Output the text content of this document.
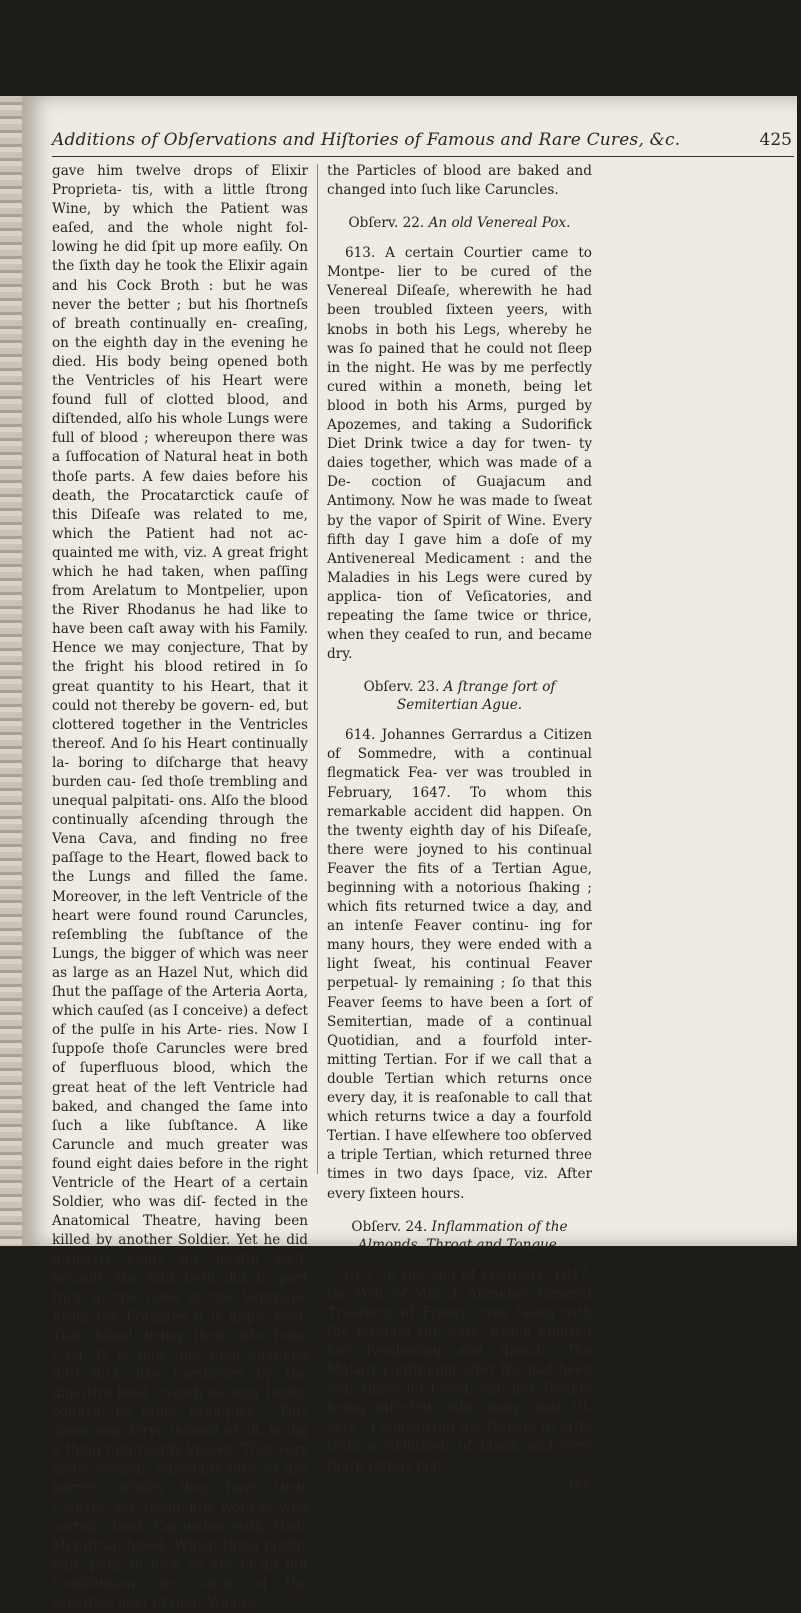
Additions of Obſervations and Hiſtories of Famous and Rare Cures, &c.	425

gave him twelve drops of Elixir Proprieta- tis, with a little ſtrong Wine, by which the Patient was eaſed, and the whole night fol- lowing he did ſpit up more eaſily. On the ſixth day he took the Elixir again and his Cock Broth : but he was never the better ; but his ſhortneſs of breath continually en- creaſing, on the eighth day in the evening he died. His body being opened both the Ventricles of his Heart were found full of clotted blood, and diſtended, alſo his whole Lungs were full of blood ; whereupon there was a ſuffocation of Natural heat in both thoſe parts. A few daies before his death, the Procatarctick cauſe of this Diſeaſe was related to me, which the Patient had not ac- quainted me with, viz. A great fright which he had taken, when paſſing from Arelatum to Montpelier, upon the River Rhodanus he had like to have been caſt away with his Family. Hence we may conjecture, That by the fright his blood retired in ſo great quantity to his Heart, that it could not thereby be govern- ed, but clottered together in the Ventricles thereof. And ſo his Heart continually la- boring to diſcharge that heavy burden cau- ſed thoſe trembling and unequal palpitati- ons. Alſo the blood continually aſcending through the Vena Cava, and finding no free paſſage to the Heart, flowed back to the Lungs and filled the ſame. Moreover, in the left Ventricle of the heart were found round Caruncles, reſembling the ſubſtance of the Lungs, the bigger of which was neer as large as an Hazel Nut, which did ſhut the paſſage of the Arteria Aorta, which cauſed (as I conceive) a defect of the pulſe in his Arte- ries. Now I ſuppoſe thoſe Caruncles were bred of ſuperfluous blood, which the great heat of the left Ventricle had baked, and changed the ſame into ſuch a like ſubſtance. A like Caruncle and much greater was found eight daies before in the right Ventricle of the Heart of a certain Soldier, who was diſ- fected in the Anatomical Theatre, having been killed by another Soldier. Yet he did formerly enjoy his health well, becauſe the ſaid fleſh did in part ſtick to the ſides of the Ventricle. From the Premiſes it is appa- rent, That blood being ſhed into ſome Cavi- ty is now and then changed into ſuch like Caruncles by the digeſtive heat : which we may better confirm by other examples : This alone may ſerve inſtead of all, being a thing notoriouſly known, That very many women, eſpecially ſuch as are barren, whiles they have their Courſes, are frequently wont to void certain ſmal Caruncles with their Menſtrual blood. Which thing moſtly hap- pens in ſuch as are of an hot Conſtitution, be- cauſe of the exceſſive heat of their Wombs,

the Particles of blood are baked and changed into ſuch like Caruncles.

Obſerv. 22. An old Venereal Pox.

613. A certain Courtier came to Montpe- lier to be cured of the Venereal Diſeaſe, wherewith he had been troubled ſixteen yeers, with knobs in both his Legs, whereby he was ſo pained that he could not ſleep in the night. He was by me perfectly cured within a moneth, being let blood in both his Arms, purged by Apozemes, and taking a Sudorifick Diet Drink twice a day for twen- ty daies together, which was made of a De- coction of Guajacum and Antimony. Now he was made to ſweat by the vapor of Spirit of Wine. Every fifth day I gave him a doſe of my Antivenereal Medicament : and the Maladies in his Legs were cured by applica- tion of Veſicatories, and repeating the ſame twice or thrice, when they ceaſed to run, and became dry.

Obſerv. 23. A ſtrange ſort of Semitertian Ague.

614. Johannes Gerrardus a Citizen of Sommedre, with a continual flegmatick Fea- ver was troubled in February, 1647. To whom this remarkable accident did happen. On the twenty eighth day of his Diſeaſe, there were joyned to his continual Feaver the fits of a Tertian Ague, beginning with a notorious ſhaking ; which fits returned twice a day, and an intenſe Feaver continu- ing for many hours, they were ended with a light ſweat, his continual Feaver perpetual- ly remaining ; ſo that this Feaver ſeems to have been a ſort of Semitertian, made of a continual Quotidian, and a fourfold inter- mitting Tertian. For if we call that a double Tertian which returns once every day, it is reaſonable to call that which returns twice a day a fourfold Tertian. I have elſewhere too obſerved a triple Tertian, which returned three times in two days ſpace, viz. After every ſixteen hours.

Obſerv. 24. Inflammation of the Almonds, Throat and Tongue.

615. In the end of February, 1647. the Wife of Mſr. d' Anmelas, General Treaſurer of France, was taken with the foreſaid Diſ- eaſe, which hindred her ſwallowing and ſpeech. The Malady continuing after ſhe had been four times let blood, and her Tongue being infected with many ſmal Ul- cers ; I conceiving the Diſeaſe to ariſe from a defluxion of much and very ſharp ſerous mat-

ter,
